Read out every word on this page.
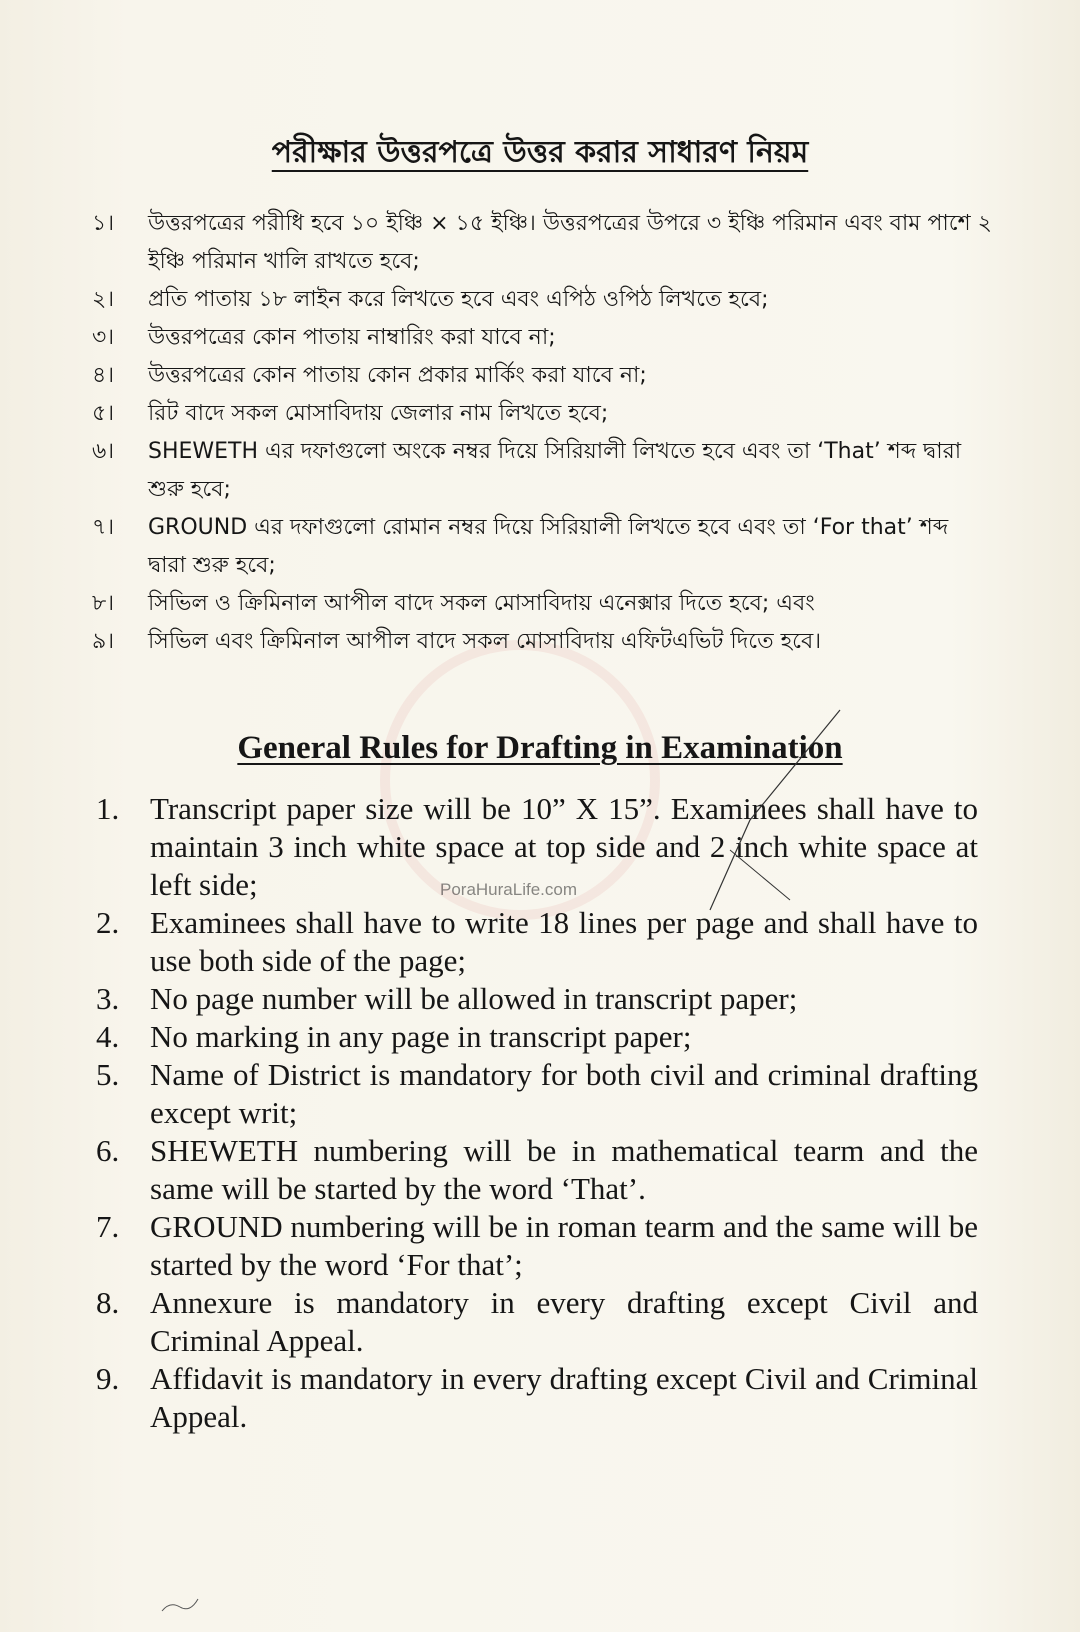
পরীক্ষার উত্তরপত্রে উত্তর করার সাধারণ নিয়ম
১।	উত্তরপত্রের পরীধি হবে ১০ ইঞ্চি × ১৫ ইঞ্চি। উত্তরপত্রের উপরে ৩ ইঞ্চি পরিমান এবং বাম পাশে ২ ইঞ্চি পরিমান খালি রাখতে হবে;
২।	প্রতি পাতায় ১৮ লাইন করে লিখতে হবে এবং এপিঠ ওপিঠ লিখতে হবে;
৩।	উত্তরপত্রের কোন পাতায় নাম্বারিং করা যাবে না;
৪।	উত্তরপত্রের কোন পাতায় কোন প্রকার মার্কিং করা যাবে না;
৫।	রিট বাদে সকল মোসাবিদায় জেলার নাম লিখতে হবে;
৬।	SHEWETH এর দফাগুলো অংকে নম্বর দিয়ে সিরিয়ালী লিখতে হবে এবং তা ‘That’ শব্দ দ্বারা শুরু হবে;
৭।	GROUND এর দফাগুলো রোমান নম্বর দিয়ে সিরিয়ালী লিখতে হবে এবং তা ‘For that’ শব্দ দ্বারা শুরু হবে;
৮।	সিভিল ও ক্রিমিনাল আপীল বাদে সকল মোসাবিদায় এনেক্সার দিতে হবে; এবং
৯।	সিভিল এবং ক্রিমিনাল আপীল বাদে সকল মোসাবিদায় এফিটএভিট দিতে হবে।
General Rules for Drafting in Examination
1. Transcript paper size will be 10” X 15”. Examinees shall have to maintain 3 inch white space at top side and 2 inch white space at left side;
2. Examinees shall have to write 18 lines per page and shall have to use both side of the page;
3. No page number will be allowed in transcript paper;
4. No marking in any page in transcript paper;
5. Name of District is mandatory for both civil and criminal drafting except writ;
6. SHEWETH numbering will be in mathematical tearm and the same will be started by the word ‘That’.
7. GROUND numbering will be in roman tearm and the same will be started by the word ‘For that’;
8. Annexure is mandatory in every drafting except Civil and Criminal Appeal.
9. Affidavit is mandatory in every drafting except Civil and Criminal Appeal.
PoraHuraLife.com
